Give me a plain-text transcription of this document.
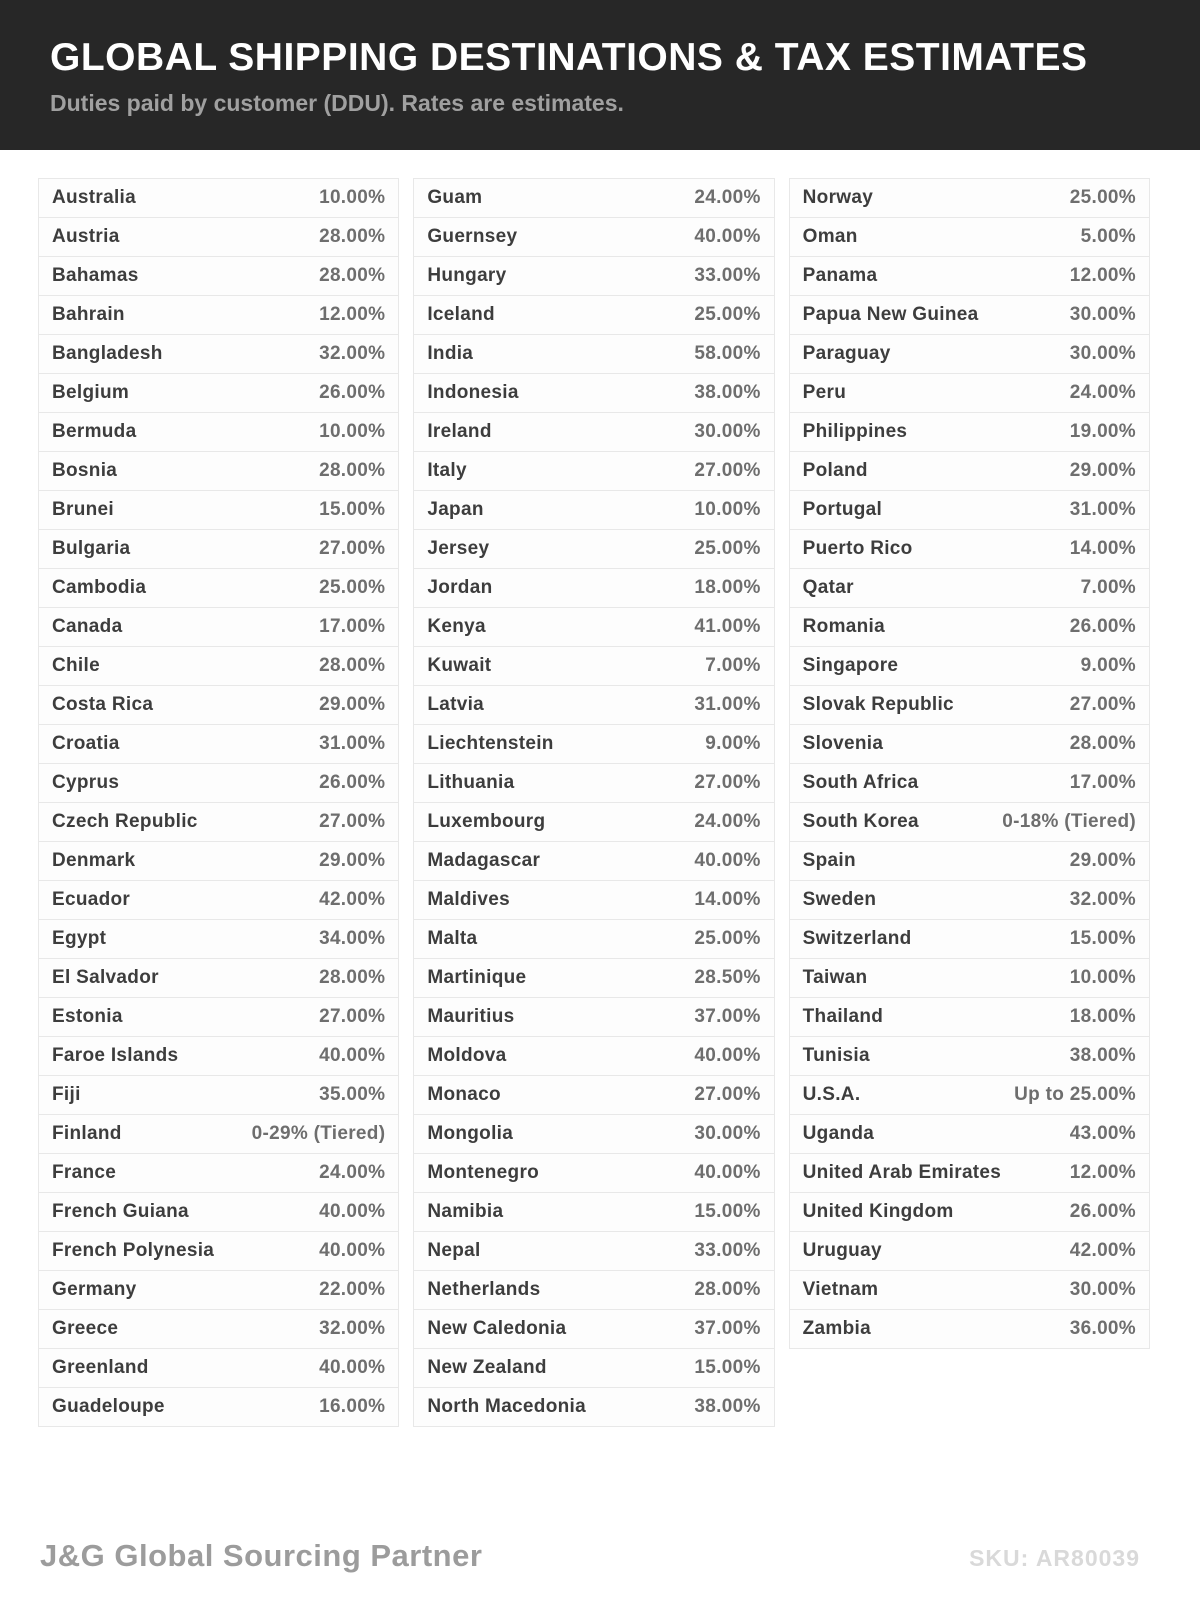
GLOBAL SHIPPING DESTINATIONS & TAX ESTIMATES
Duties paid by customer (DDU). Rates are estimates.
Australia	10.00%
Austria	28.00%
Bahamas	28.00%
Bahrain	12.00%
Bangladesh	32.00%
Belgium	26.00%
Bermuda	10.00%
Bosnia	28.00%
Brunei	15.00%
Bulgaria	27.00%
Cambodia	25.00%
Canada	17.00%
Chile	28.00%
Costa Rica	29.00%
Croatia	31.00%
Cyprus	26.00%
Czech Republic	27.00%
Denmark	29.00%
Ecuador	42.00%
Egypt	34.00%
El Salvador	28.00%
Estonia	27.00%
Faroe Islands	40.00%
Fiji	35.00%
Finland	0-29% (Tiered)
France	24.00%
French Guiana	40.00%
French Polynesia	40.00%
Germany	22.00%
Greece	32.00%
Greenland	40.00%
Guadeloupe	16.00%
Guam	24.00%
Guernsey	40.00%
Hungary	33.00%
Iceland	25.00%
India	58.00%
Indonesia	38.00%
Ireland	30.00%
Italy	27.00%
Japan	10.00%
Jersey	25.00%
Jordan	18.00%
Kenya	41.00%
Kuwait	7.00%
Latvia	31.00%
Liechtenstein	9.00%
Lithuania	27.00%
Luxembourg	24.00%
Madagascar	40.00%
Maldives	14.00%
Malta	25.00%
Martinique	28.50%
Mauritius	37.00%
Moldova	40.00%
Monaco	27.00%
Mongolia	30.00%
Montenegro	40.00%
Namibia	15.00%
Nepal	33.00%
Netherlands	28.00%
New Caledonia	37.00%
New Zealand	15.00%
North Macedonia	38.00%
Norway	25.00%
Oman	5.00%
Panama	12.00%
Papua New Guinea	30.00%
Paraguay	30.00%
Peru	24.00%
Philippines	19.00%
Poland	29.00%
Portugal	31.00%
Puerto Rico	14.00%
Qatar	7.00%
Romania	26.00%
Singapore	9.00%
Slovak Republic	27.00%
Slovenia	28.00%
South Africa	17.00%
South Korea	0-18% (Tiered)
Spain	29.00%
Sweden	32.00%
Switzerland	15.00%
Taiwan	10.00%
Thailand	18.00%
Tunisia	38.00%
U.S.A.	Up to 25.00%
Uganda	43.00%
United Arab Emirates	12.00%
United Kingdom	26.00%
Uruguay	42.00%
Vietnam	30.00%
Zambia	36.00%
J&G Global Sourcing Partner	SKU: AR80039
